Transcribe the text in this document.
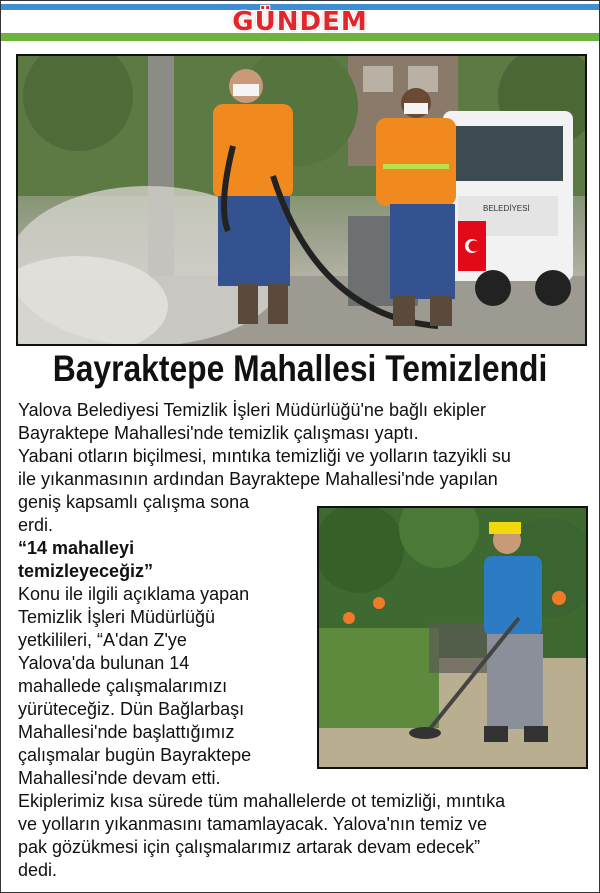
GÜNDEM
BELEDİYESİ
Bayraktepe Mahallesi Temizlendi

Yalova Belediyesi Temizlik İşleri Müdürlüğü'ne bağlı ekipler
Bayraktepe Mahallesi'nde temizlik çalışması yaptı.
Yabani otların biçilmesi, mıntıka temizliği ve yolların tazyikli su
ile yıkanmasının ardından Bayraktepe Mahallesi'nde yapılan
geniş kapsamlı çalışma sona
erdi.

“14 mahalleyi
temizleyeceğiz”

Konu ile ilgili açıklama yapan
Temizlik İşleri Müdürlüğü
yetkilileri, “A'dan Z'ye
Yalova'da bulunan 14
mahallede çalışmalarımızı
yürüteceğiz. Dün Bağlarbaşı
Mahallesi'nde başlattığımız
çalışmalar bugün Bayraktepe
Mahallesi'nde devam etti.

Ekiplerimiz kısa sürede tüm mahallelerde ot temizliği, mıntıka
ve yolların yıkanmasını tamamlayacak. Yalova'nın temiz ve
pak gözükmesi için çalışmalarımız artarak devam edecek”
dedi.
